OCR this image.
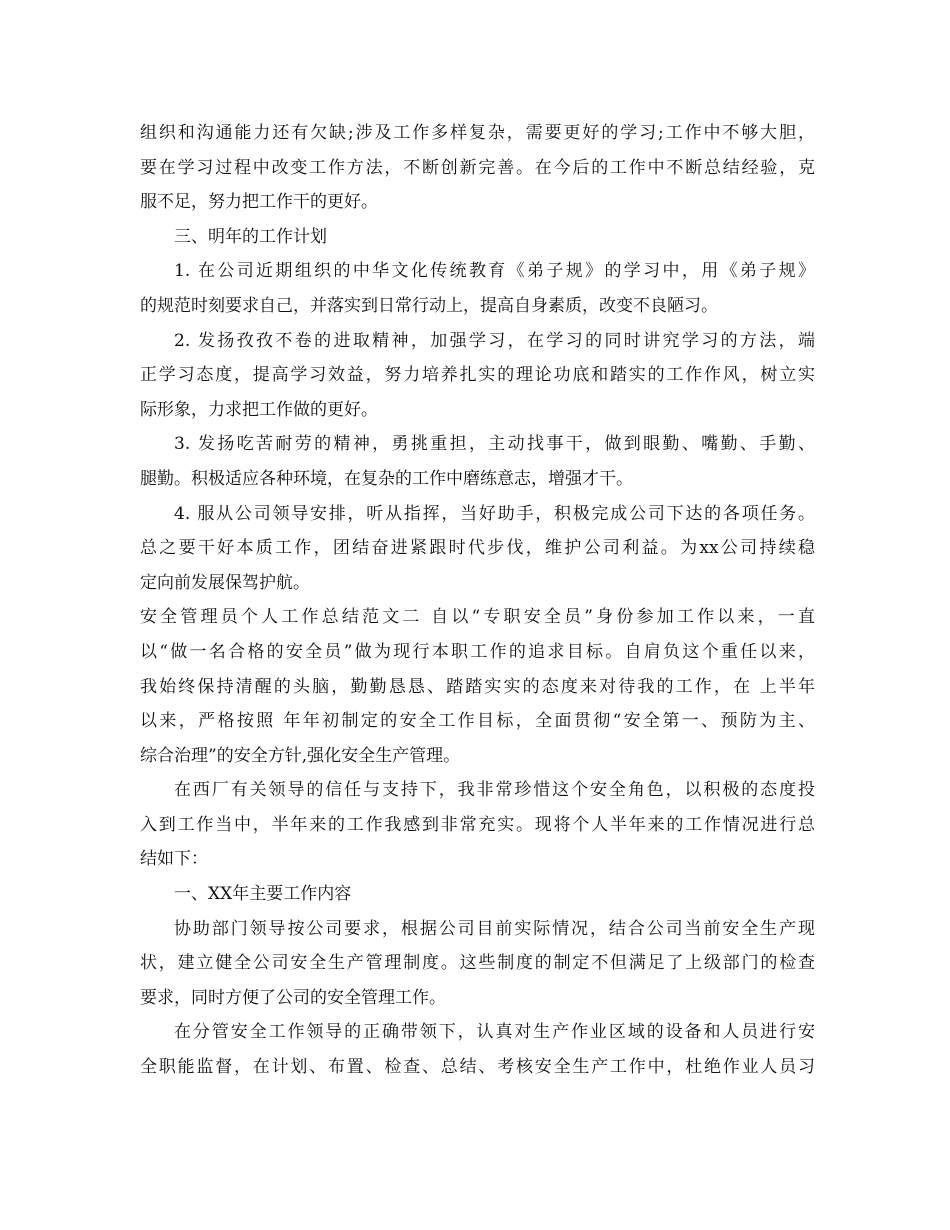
组织和沟通能力还有欠缺;涉及工作多样复杂，需要更好的学习;工作中不够大胆，
要在学习过程中改变工作方法，不断创新完善。在今后的工作中不断总结经验，克
服不足，努力把工作干的更好。
三、明年的工作计划
1. 在公司近期组织的中华文化传统教育《弟子规》的学习中，用《弟子规》
的规范时刻要求自己，并落实到日常行动上，提高自身素质，改变不良陋习。
2. 发扬孜孜不卷的进取精神，加强学习，在学习的同时讲究学习的方法，端
正学习态度，提高学习效益，努力培养扎实的理论功底和踏实的工作作风，树立实
际形象，力求把工作做的更好。
3. 发扬吃苦耐劳的精神，勇挑重担，主动找事干，做到眼勤、嘴勤、手勤、
腿勤。积极适应各种环境，在复杂的工作中磨练意志，增强才干。
4. 服从公司领导安排，听从指挥，当好助手，积极完成公司下达的各项任务。
总之要干好本质工作，团结奋进紧跟时代步伐，维护公司利益。为xx公司持续稳
定向前发展保驾护航。
安全管理员个人工作总结范文二 自以“专职安全员”身份参加工作以来，一直
以“做一名合格的安全员”做为现行本职工作的追求目标。自肩负这个重任以来，
我始终保持清醒的头脑，勤勤恳恳、踏踏实实的态度来对待我的工作，在 上半年
以来，严格按照 年年初制定的安全工作目标，全面贯彻“安全第一、预防为主、
综合治理”的安全方针,强化安全生产管理。
在西厂有关领导的信任与支持下，我非常珍惜这个安全角色，以积极的态度投
入到工作当中，半年来的工作我感到非常充实。现将个人半年来的工作情况进行总
结如下：
一、XX年主要工作内容
协助部门领导按公司要求，根据公司目前实际情况，结合公司当前安全生产现
状，建立健全公司安全生产管理制度。这些制度的制定不但满足了上级部门的检查
要求，同时方便了公司的安全管理工作。
在分管安全工作领导的正确带领下，认真对生产作业区域的设备和人员进行安
全职能监督，在计划、布置、检查、总结、考核安全生产工作中，杜绝作业人员习
